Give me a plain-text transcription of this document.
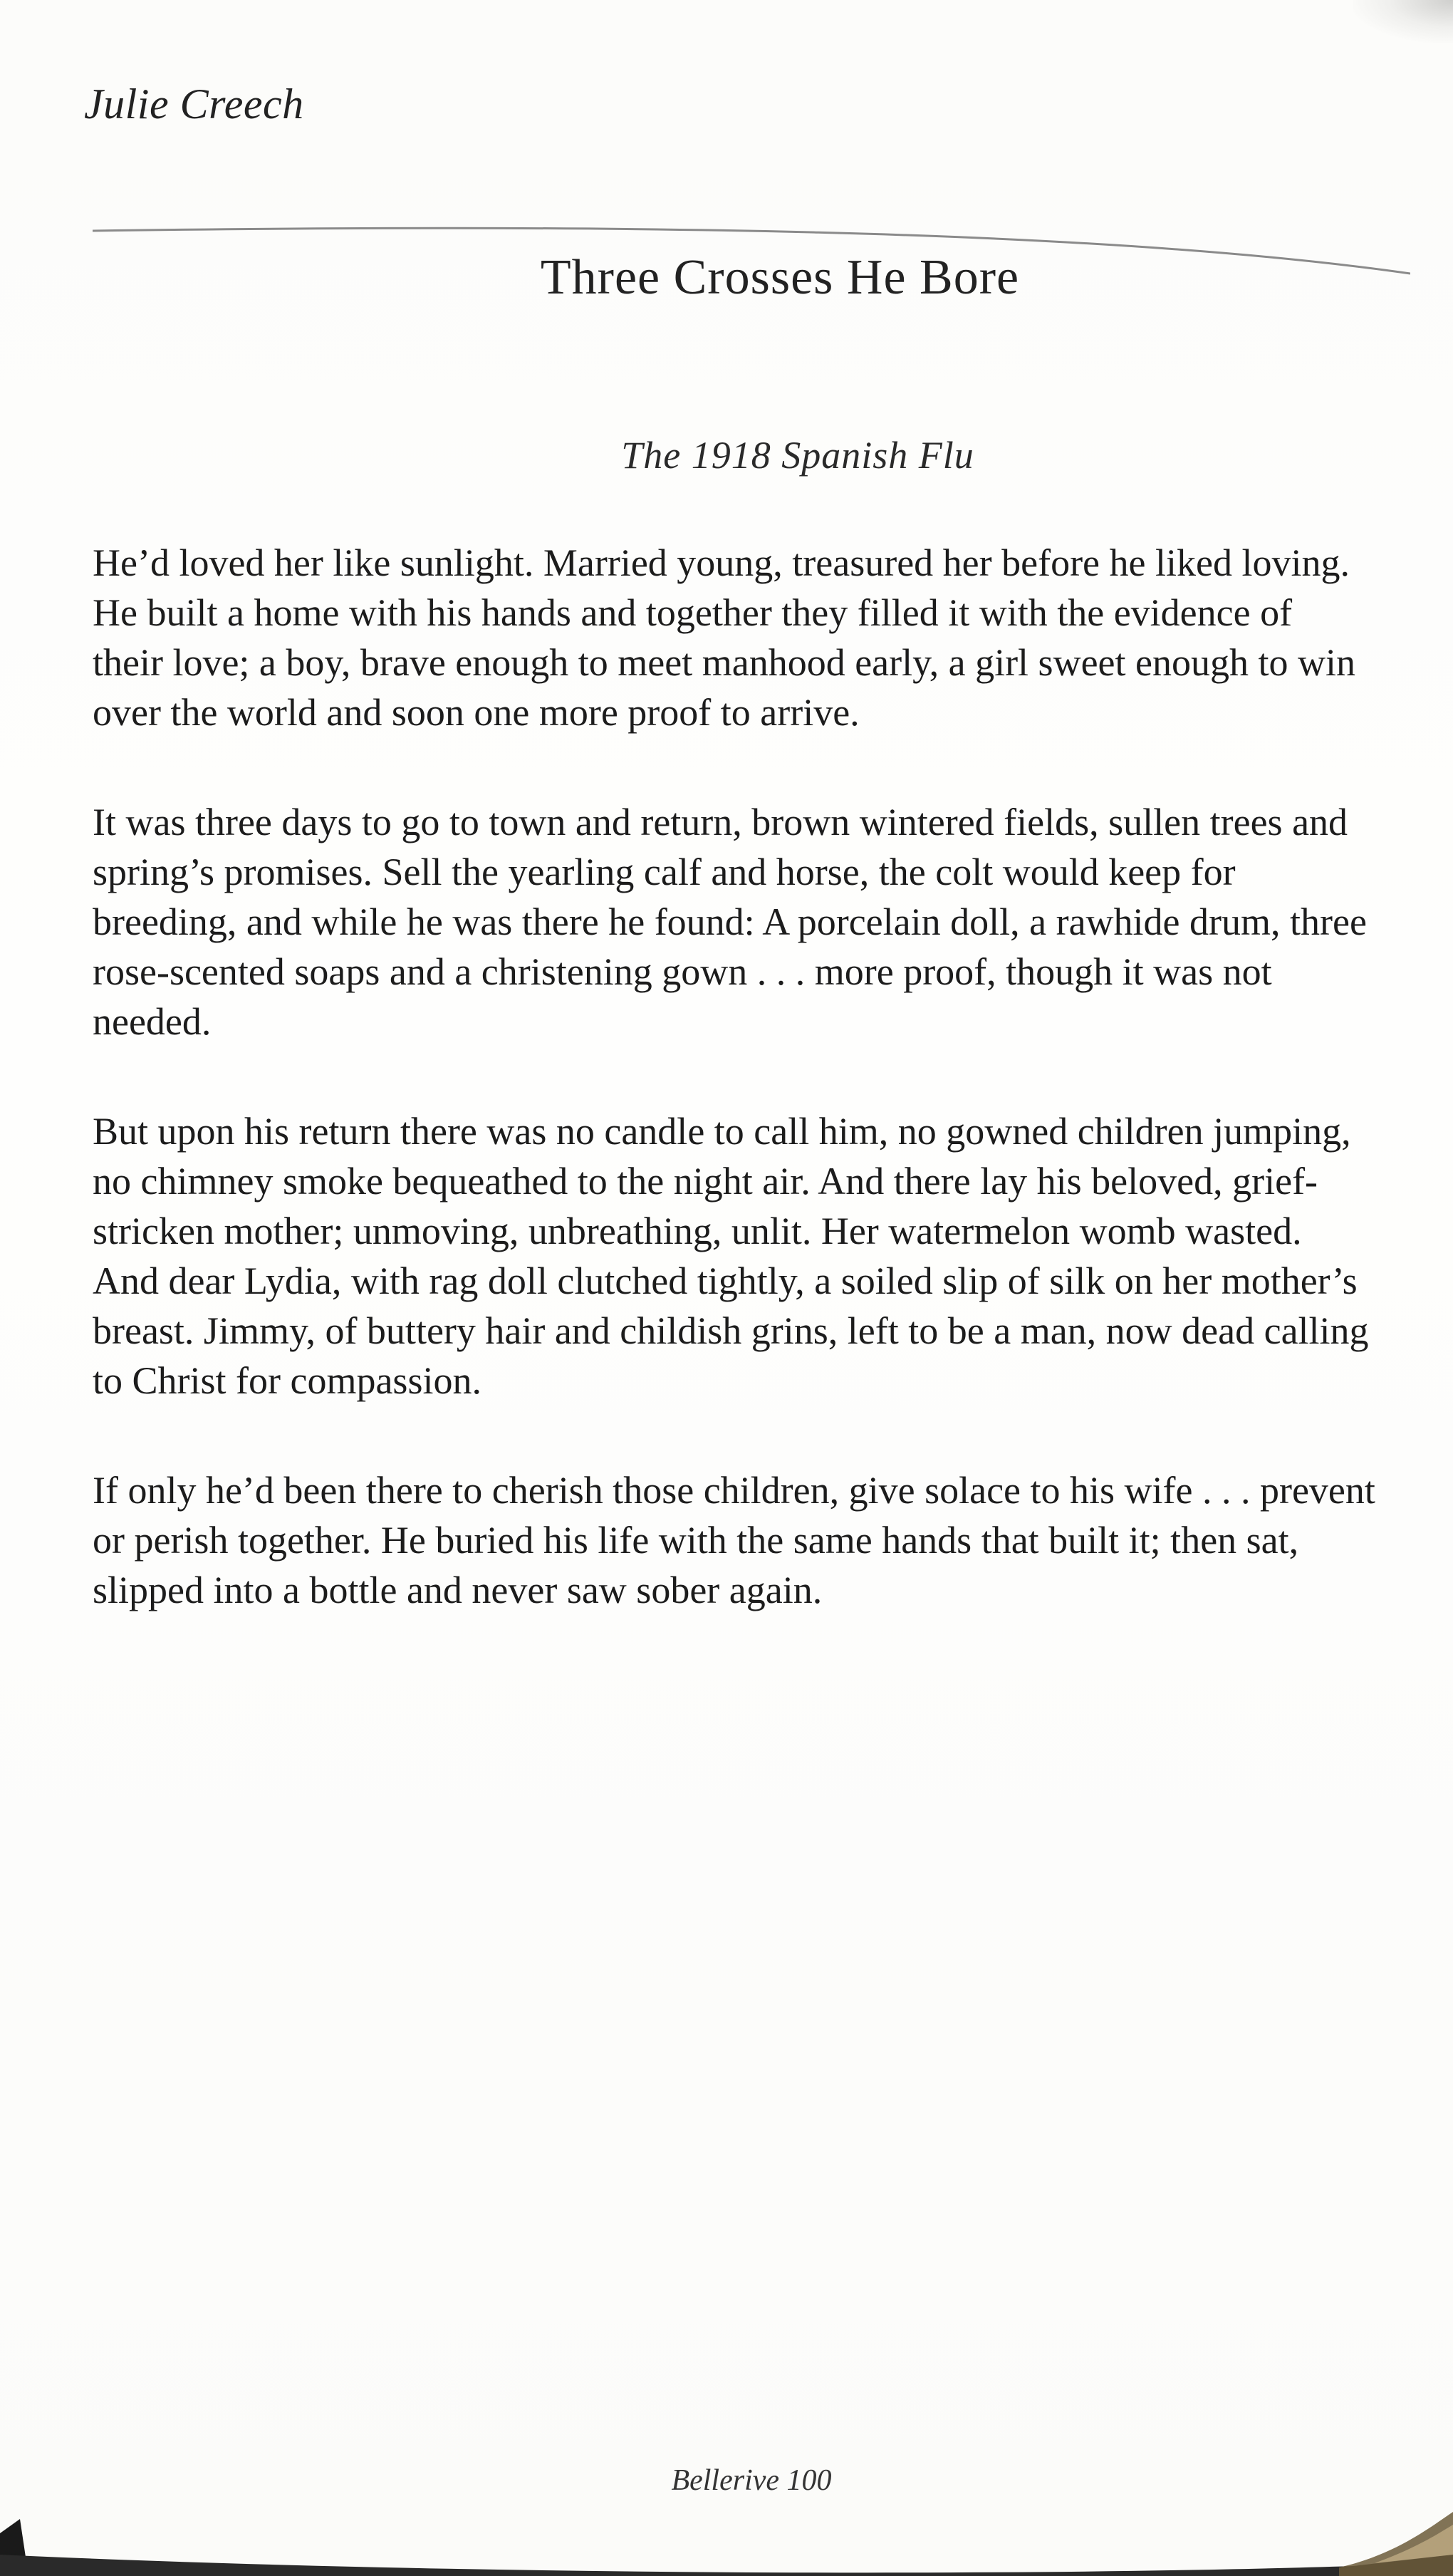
Julie Creech
Three Crosses He Bore
The 1918 Spanish Flu
He’d loved her like sunlight. Married young, treasured her before he liked loving.
He built a home with his hands and together they filled it with the evidence of
their love; a boy, brave enough to meet manhood early, a girl sweet enough to win
over the world and soon one more proof to arrive.
It was three days to go to town and return, brown wintered fields, sullen trees and
spring’s promises. Sell the yearling calf and horse, the colt would keep for
breeding, and while he was there he found: A porcelain doll, a rawhide drum, three
rose-scented soaps and a christening gown . . . more proof, though it was not
needed.
But upon his return there was no candle to call him, no gowned children jumping,
no chimney smoke bequeathed to the night air. And there lay his beloved, grief-
stricken mother; unmoving, unbreathing, unlit. Her watermelon womb wasted.
And dear Lydia, with rag doll clutched tightly, a soiled slip of silk on her mother’s
breast. Jimmy, of buttery hair and childish grins, left to be a man, now dead calling
to Christ for compassion.
If only he’d been there to cherish those children, give solace to his wife . . . prevent
or perish together. He buried his life with the same hands that built it; then sat,
slipped into a bottle and never saw sober again.
Bellerive 100
